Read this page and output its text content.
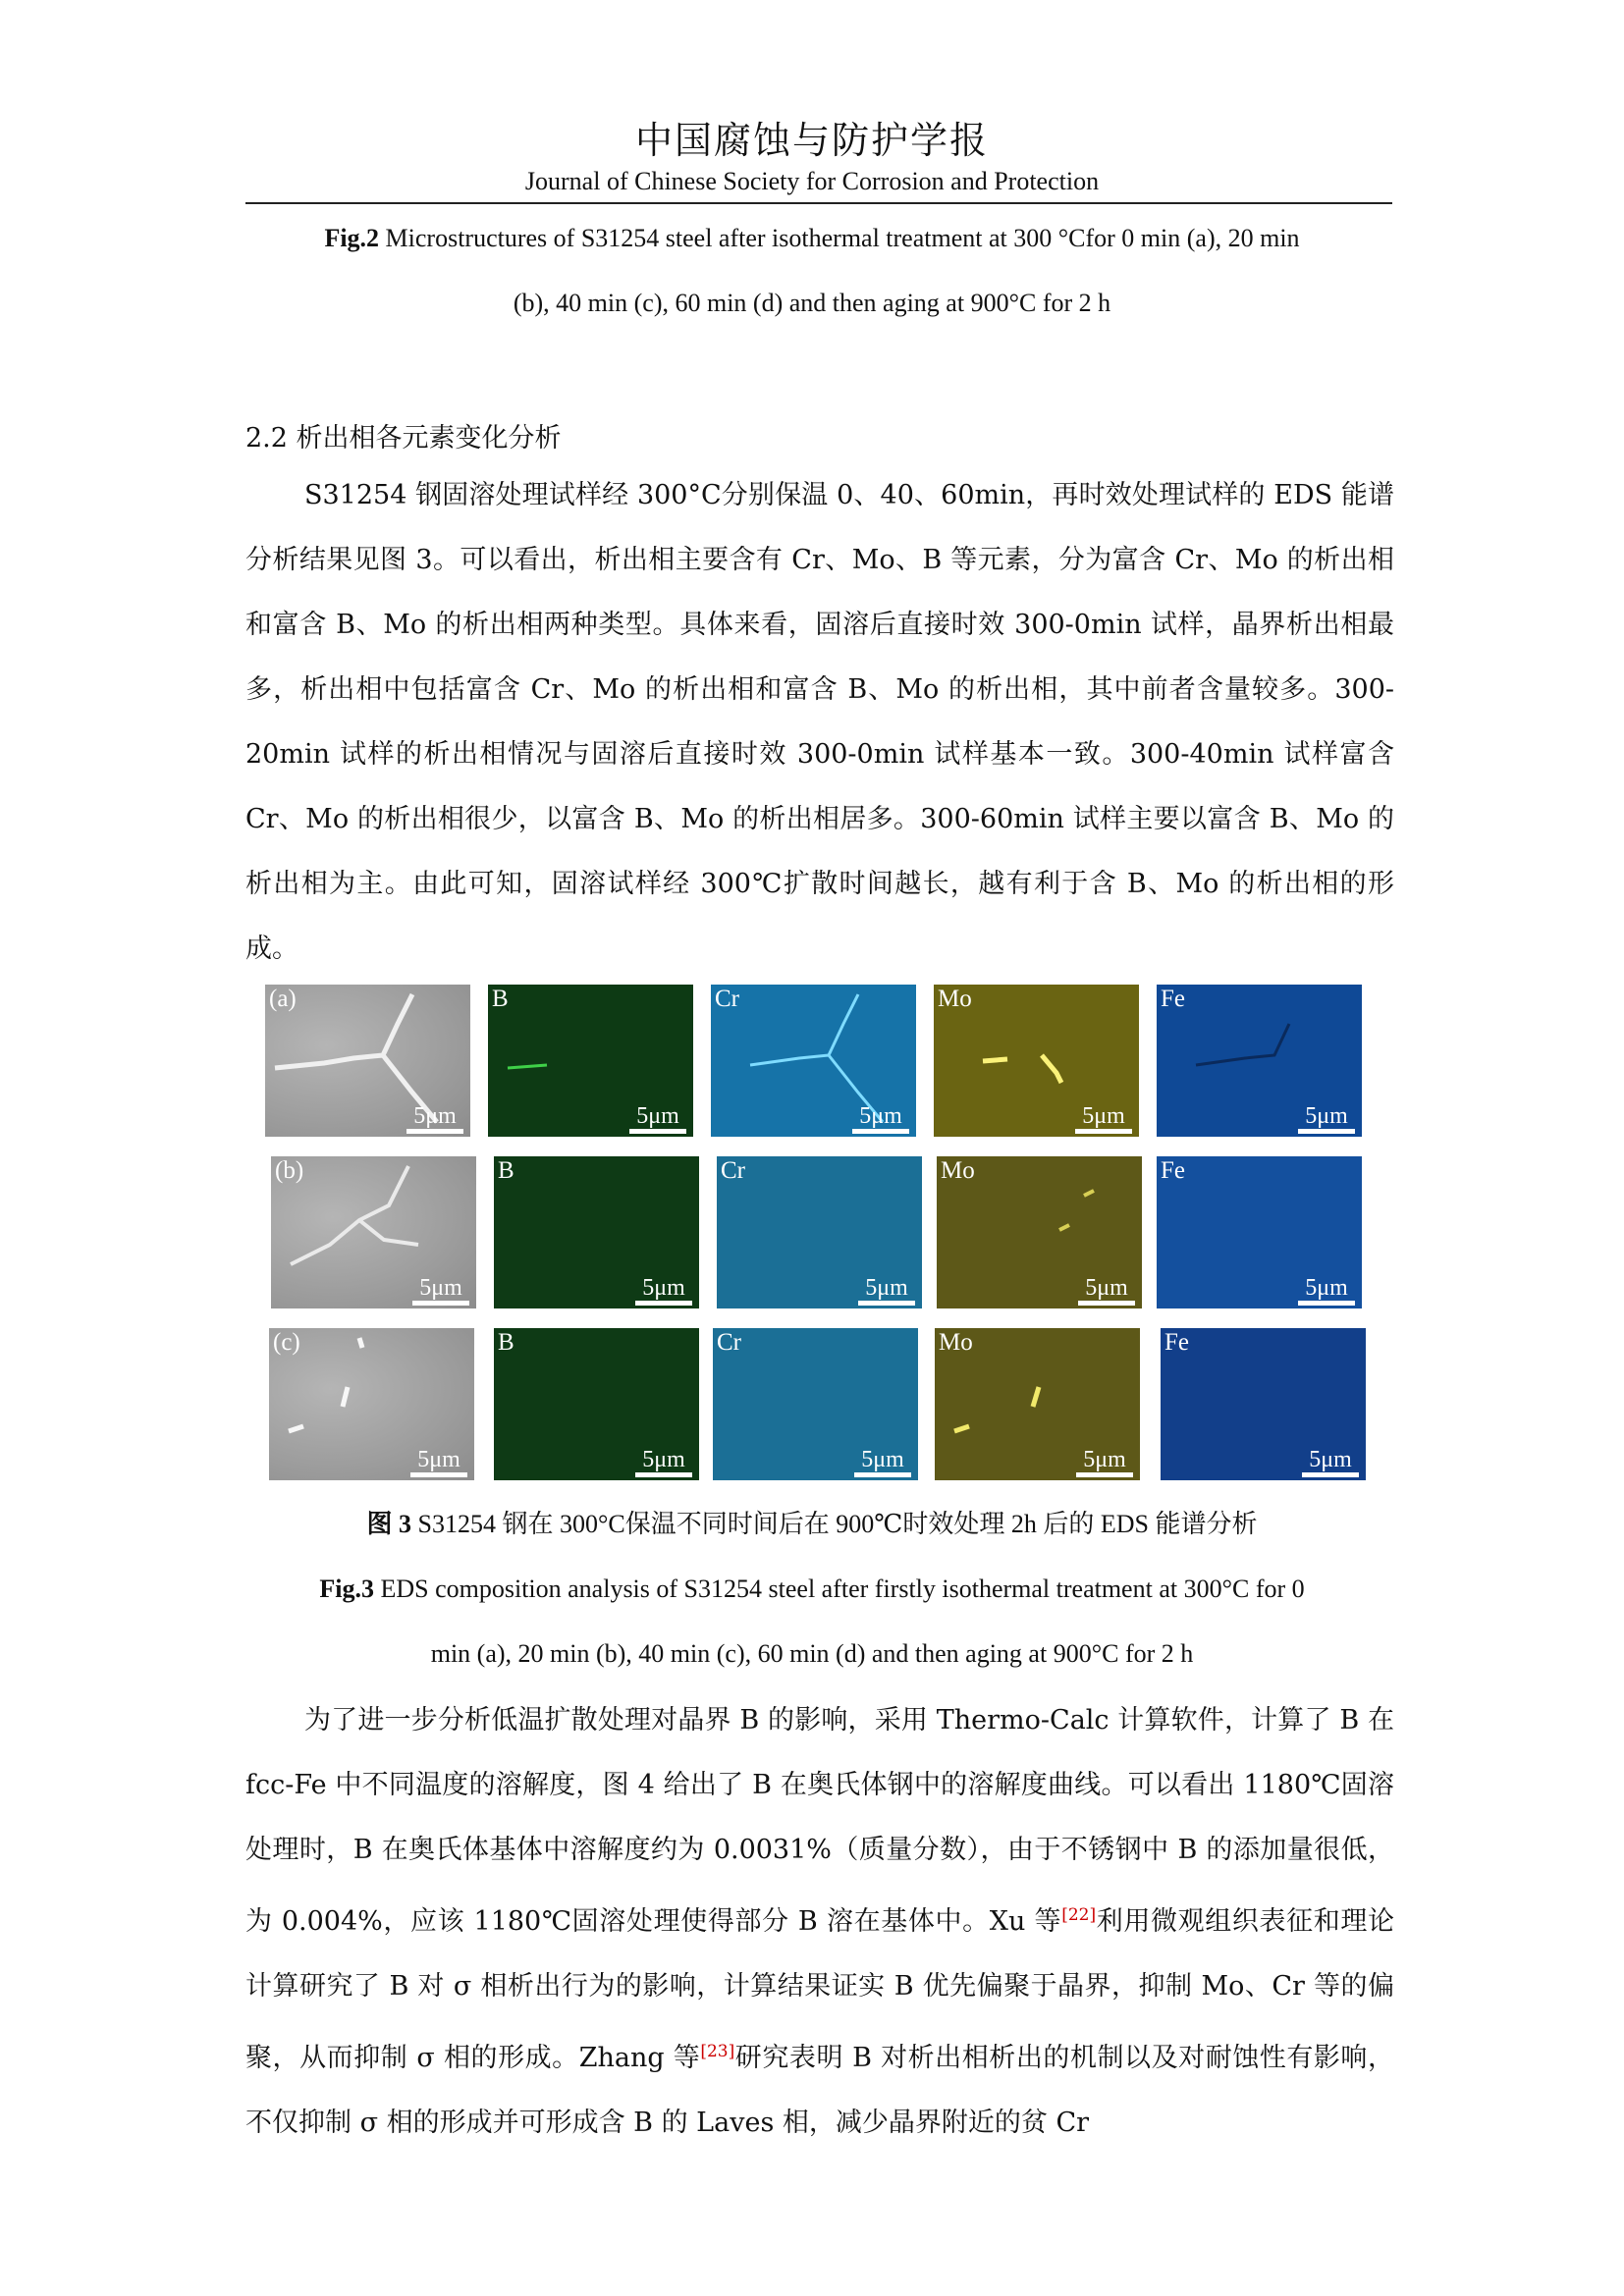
中国腐蚀与防护学报
Journal of Chinese Society for Corrosion and Protection
Fig.2 Microstructures of S31254 steel after isothermal treatment at 300 °Cfor 0 min (a), 20 min
(b), 40 min (c), 60 min (d) and then aging at 900°C for 2 h
2.2 析出相各元素变化分析

S31254 钢固溶处理试样经 300°C分别保温 0、40、60min，再时效处理试样的 EDS 能谱分析结果见图 3。可以看出，析出相主要含有 Cr、Mo、B 等元素，分为富含 Cr、Mo 的析出相和富含 B、Mo 的析出相两种类型。具体来看，固溶后直接时效 300-0min 试样，晶界析出相最多，析出相中包括富含 Cr、Mo 的析出相和富含 B、Mo 的析出相，其中前者含量较多。300-20min 试样的析出相情况与固溶后直接时效 300-0min 试样基本一致。300-40min 试样富含 Cr、Mo 的析出相很少，以富含 B、Mo 的析出相居多。300-60min 试样主要以富含 B、Mo 的析出相为主。由此可知，固溶试样经 300℃扩散时间越长，越有利于含 B、Mo 的析出相的形成。

(a)
5μm
B
5μm
Cr
5μm
Mo
5μm
Fe
5μm
(b)
5μm
B
5μm
Cr
5μm
Mo
5μm
Fe
5μm
(c)
5μm
B
5μm
Cr
5μm
Mo
5μm
Fe
5μm
图 3 S31254 钢在 300°C保温不同时间后在 900℃时效处理 2h 后的 EDS 能谱分析
Fig.3 EDS composition analysis of S31254 steel after firstly isothermal treatment at 300°C for 0
min (a), 20 min (b), 40 min (c), 60 min (d) and then aging at 900°C for 2 h

为了进一步分析低温扩散处理对晶界 B 的影响，采用 Thermo-Calc 计算软件，计算了 B 在 fcc-Fe 中不同温度的溶解度，图 4 给出了 B 在奥氏体钢中的溶解度曲线。可以看出 1180℃固溶处理时，B 在奥氏体基体中溶解度约为 0.0031%（质量分数），由于不锈钢中 B 的添加量很低，为 0.004%，应该 1180℃固溶处理使得部分 B 溶在基体中。Xu 等[22]利用微观组织表征和理论计算研究了 B 对 σ 相析出行为的影响，计算结果证实 B 优先偏聚于晶界，抑制 Mo、Cr 等的偏聚，从而抑制 σ 相的形成。Zhang 等[23]研究表明 B 对析出相析出的机制以及对耐蚀性有影响，不仅抑制 σ 相的形成并可形成含 B 的 Laves 相，减少晶界附近的贫 Cr
